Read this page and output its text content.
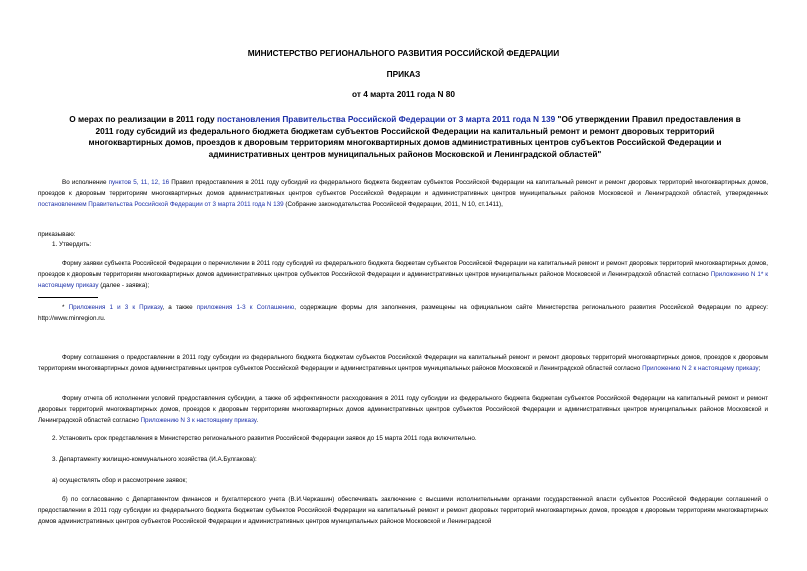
МИНИСТЕРСТВО РЕГИОНАЛЬНОГО РАЗВИТИЯ РОССИЙСКОЙ ФЕДЕРАЦИИ
ПРИКАЗ
от 4 марта 2011 года N 80
О мерах по реализации в 2011 году постановления Правительства Российской Федерации от 3 марта 2011 года N 139 "Об утверждении Правил предоставления в 2011 году субсидий из федерального бюджета бюджетам субъектов Российской Федерации на капитальный ремонт и ремонт дворовых территорий многоквартирных домов, проездов к дворовым территориям многоквартирных домов административных центров субъектов Российской Федерации и административных центров муниципальных районов Московской и Ленинградской областей"
Во исполнение пунктов 5, 11, 12, 16 Правил предоставления в 2011 году субсидий из федерального бюджета бюджетам субъектов Российской Федерации на капитальный ремонт и ремонт дворовых территорий многоквартирных домов, проездов к дворовым территориям многоквартирных домов административных центров субъектов Российской Федерации и административных центров муниципальных районов Московской и Ленинградской областей, утвержденных постановлением Правительства Российской Федерации от 3 марта 2011 года N 139 (Собрание законодательства Российской Федерации, 2011, N 10, ст.1411),
приказываю:
1. Утвердить:
Форму заявки субъекта Российской Федерации о перечислении в 2011 году субсидий из федерального бюджета бюджетам субъектов Российской Федерации на капитальный ремонт и ремонт дворовых территорий многоквартирных домов, проездов к дворовым территориям многоквартирных домов административных центров субъектов Российской Федерации и административных центров муниципальных районов Московской и Ленинградской областей согласно Приложению N 1* к настоящему приказу (далее - заявка);
* Приложения 1 и 3 к Приказу, а также приложения 1-3 к Соглашению, содержащие формы для заполнения, размещены на официальном сайте Министерства регионального развития Российской Федерации по адресу: http://www.minregion.ru.
Форму соглашения о предоставлении в 2011 году субсидии из федерального бюджета бюджетам субъектов Российской Федерации на капитальный ремонт и ремонт дворовых территорий многоквартирных домов, проездов к дворовым территориям многоквартирных домов административных центров субъектов Российской Федерации и административных центров муниципальных районов Московской и Ленинградской областей согласно Приложению N 2 к настоящему приказу;
Форму отчета об исполнении условий предоставления субсидии, а также об эффективности расходования в 2011 году субсидии из федерального бюджета бюджетам субъектов Российской Федерации на капитальный ремонт и ремонт дворовых территорий многоквартирных домов, проездов к дворовым территориям многоквартирных домов административных центров субъектов Российской Федерации и административных центров муниципальных районов Московской и Ленинградской областей согласно Приложению N 3 к настоящему приказу.
2. Установить срок представления в Министерство регионального развития Российской Федерации заявок до 15 марта 2011 года включительно.
3. Департаменту жилищно-коммунального хозяйства (И.А.Булгакова):
а) осуществлять сбор и рассмотрение заявок;
б) по согласованию с Департаментом финансов и бухгалтерского учета (В.И.Черкашин) обеспечивать заключение с высшими исполнительными органами государственной власти субъектов Российской Федерации соглашений о предоставлении в 2011 году субсидии из федерального бюджета бюджетам субъектов Российской Федерации на капитальный ремонт и ремонт дворовых территорий многоквартирных домов, проездов к дворовым территориям многоквартирных домов административных центров субъектов Российской Федерации и административных центров муниципальных районов Московской и Ленинградской
